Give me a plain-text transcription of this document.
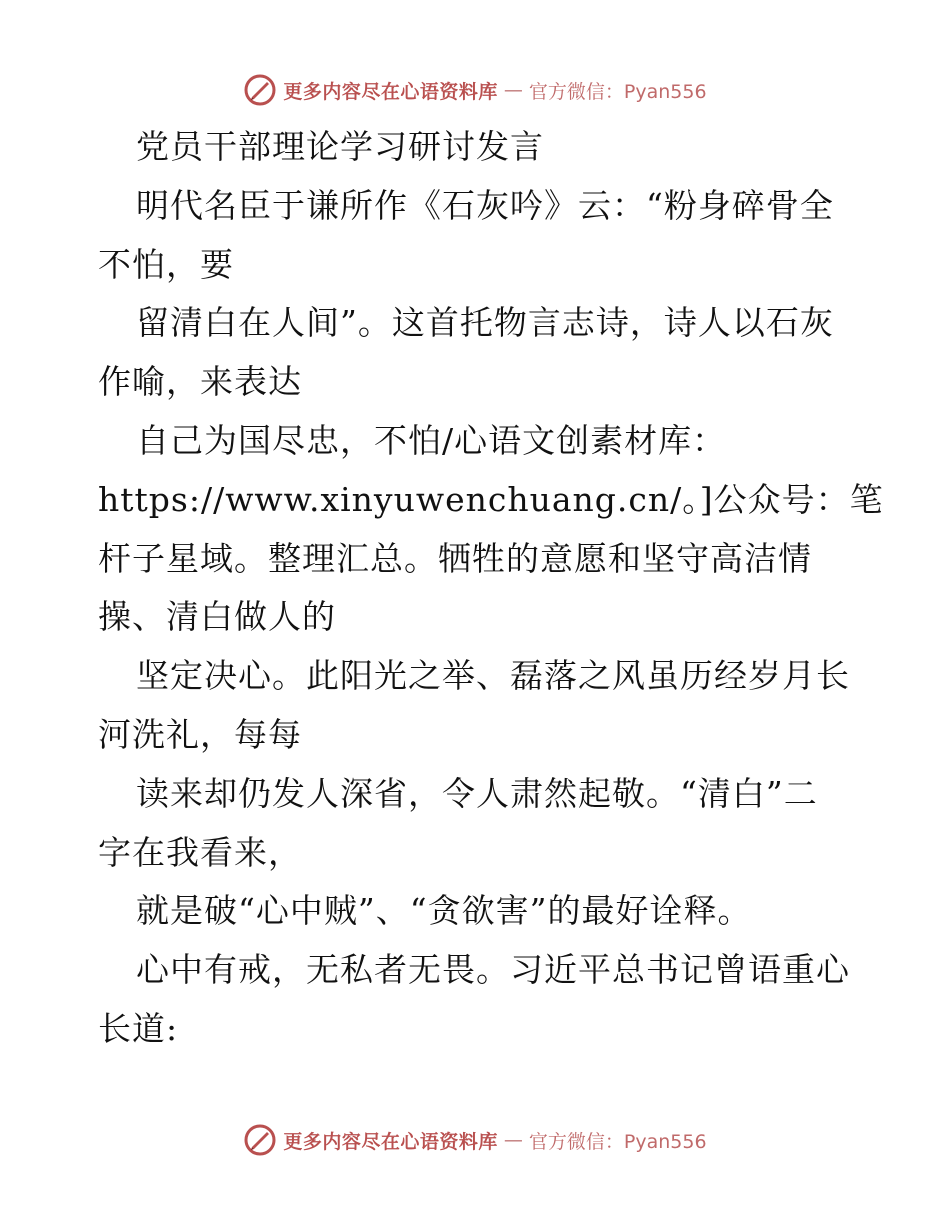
更多内容尽在心语资料库 — 官方微信：Pyan556
党员干部理论学习研讨发言
明代名臣于谦所作《石灰吟》云：“粉身碎骨全
不怕，要
留清白在人间”。这首托物言志诗，诗人以石灰
作喻，来表达
自己为国尽忠，不怕/心语文创素材库：
https://www.xinyuwenchuang.cn/。]公众号：笔
杆子星域。整理汇总。牺牲的意愿和坚守高洁情
操、清白做人的
坚定决心。此阳光之举、磊落之风虽历经岁月长
河洗礼，每每
读来却仍发人深省，令人肃然起敬。“清白”二
字在我看来，
就是破“心中贼”、“贪欲害”的最好诠释。
心中有戒，无私者无畏。习近平总书记曾语重心
长道:
更多内容尽在心语资料库 — 官方微信：Pyan556
